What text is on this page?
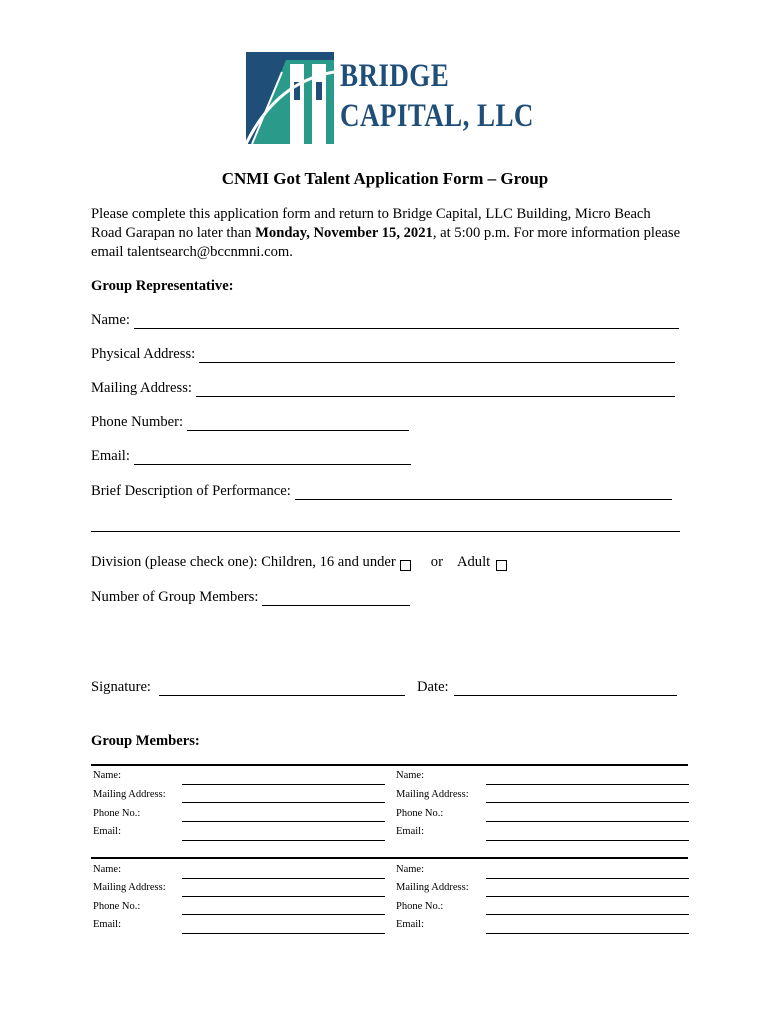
BRIDGE
CAPITAL, LLC
CNMI Got Talent Application Form – Group
Please complete this application form and return to Bridge Capital, LLC Building, Micro Beach Road Garapan no later than Monday, November 15, 2021, at 5:00 p.m. For more information please email talentsearch@bccnmni.com.
Group Representative:
Name:
Physical Address:
Mailing Address:
Phone Number:
Email:
Brief Description of Performance:
Division (please check one): Children, 16 and under or Adult
Number of Group Members:
Signature:	Date:
Group Members:
Name:	Name:
Mailing Address:	Mailing Address:
Phone No.:	Phone No.:
Email:	Email:
Name:	Name:
Mailing Address:	Mailing Address:
Phone No.:	Phone No.:
Email:	Email:
